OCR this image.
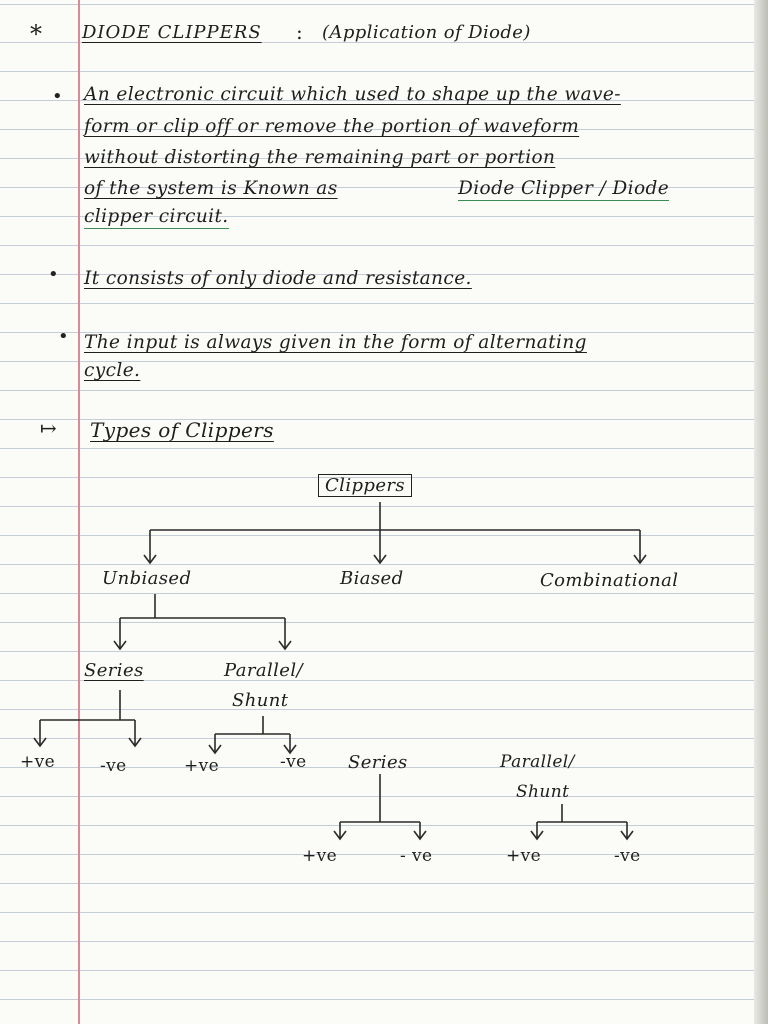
* DIODE CLIPPERS : (Application of Diode)
• An electronic circuit which used to shape up the wave-
form or clip off or remove the portion of waveform
without distorting the remaining part or portion
of the system is Known as	Diode Clipper / Diode
clipper circuit.
• It consists of only diode and resistance.
• The input is always given in the form of alternating
cycle.
↦ Types of Clippers
Clippers
Unbiased	Biased	Combinational
Series	Parallel/
Shunt
+ve	-ve	+ve	-ve Series	Parallel/
Shunt
+ve	- ve	+ve	-ve
